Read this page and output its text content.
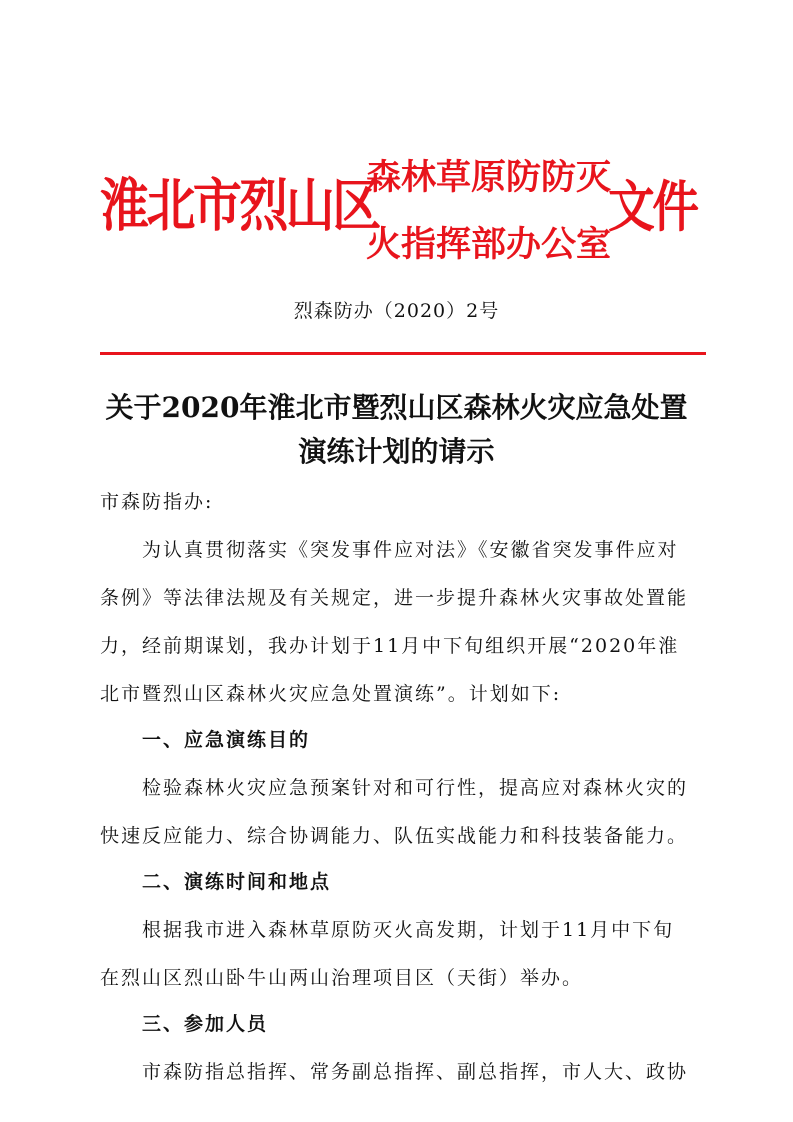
淮北市烈山区
森林草原防防灭
火指挥部办公室
文件
烈森防办（2020）2号
关于2020年淮北市暨烈山区森林火灾应急处置
演练计划的请示
市森防指办:
为认真贯彻落实《突发事件应对法》《安徽省突发事件应对
条例》等法律法规及有关规定，进一步提升森林火灾事故处置能
力，经前期谋划，我办计划于11月中下旬组织开展“2020年淮
北市暨烈山区森林火灾应急处置演练”。计划如下:
一、应急演练目的
检验森林火灾应急预案针对和可行性，提高应对森林火灾的
快速反应能力、综合协调能力、队伍实战能力和科技装备能力。
二、演练时间和地点
根据我市进入森林草原防灭火高发期，计划于11月中下旬
在烈山区烈山卧牛山两山治理项目区（天街）举办。
三、参加人员
市森防指总指挥、常务副总指挥、副总指挥，市人大、政协
